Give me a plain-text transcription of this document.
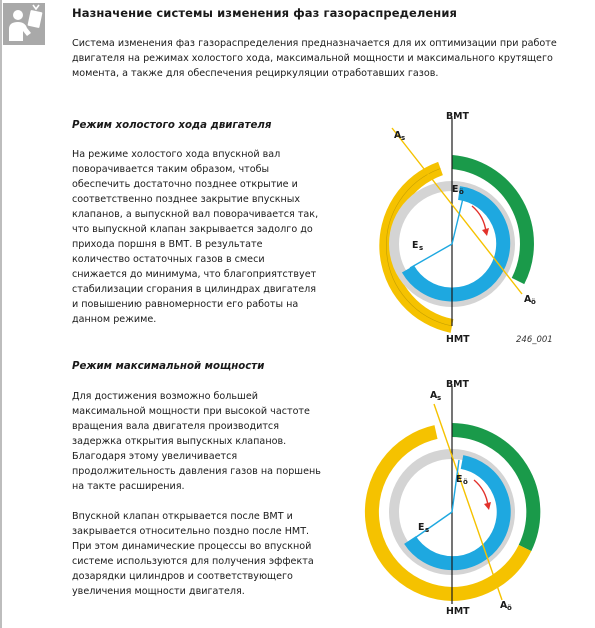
Назначение системы изменения фаз газораспределения
Система изменения фаз газораспределения предназначается для их оптимизации при работе двигателя на режимах холостого хода, максимальной мощности и максимального крутящего момента, а также для обеспечения рециркуляции отработавших газов.
Режим холостого хода двигателя

На режиме холостого хода впускной вал поворачивается таким образом, чтобы обеспечить достаточно позднее открытие и соответственно позднее закрытие впускных клапанов, а выпускной вал поворачивается так, что выпускной клапан закрывается задолго до прихода поршня в ВМТ. В результате количество остаточных газов в смеси снижается до минимума, что благоприятствует стабилизации сгорания в цилиндрах двигателя и повышению равномерности его работы на данном режиме.

BMT
HMT
A s
A ö
E ö
E s
246_001
Режим максимальной мощности

Для достижения возможно большей максимальной мощности при высокой частоте вращения вала двигателя производится задержка открытия выпускных клапанов. Благодаря этому увеличивается продолжительность давления газов на поршень на такте расширения.

Впускной клапан открывается после ВМТ и закрывается относительно поздно после НМТ. При этом динамические процессы во впускной системе используются для получения эффекта дозарядки цилиндров и соответствующего увеличения мощности двигателя.

BMT
HMT
A s
A ö
E ö
E s
